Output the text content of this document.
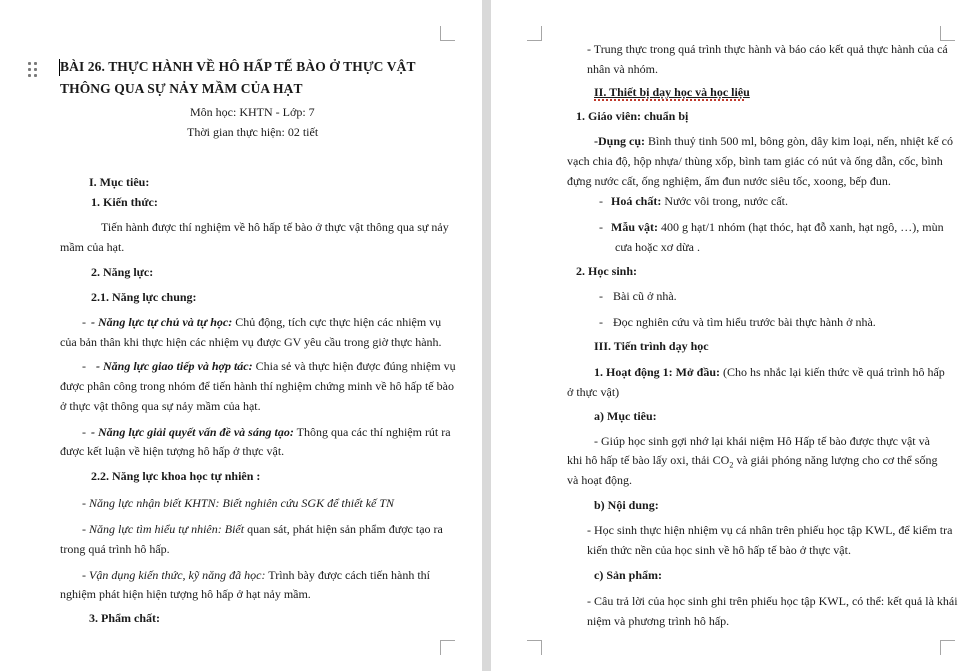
BÀI 26. THỰC HÀNH VỀ HÔ HẤP TẾ BÀO Ở THỰC VẬT
THÔNG QUA SỰ NẢY MẦM CỦA HẠT
Môn học: KHTN - Lớp: 7
Thời gian thực hiện: 02 tiết
I. Mục tiêu:
1. Kiến thức:
Tiến hành được thí nghiệm về hô hấp tế bào ở thực vật thông qua sự nảy
mầm của hạt.
2. Năng lực:
2.1. Năng lực chung:
- - Năng lực tự chủ và tự học: Chủ động, tích cực thực hiện các nhiệm vụ
của bản thân khi thực hiện các nhiệm vụ được GV yêu cầu trong giờ thực hành.
- - Năng lực giao tiếp và hợp tác: Chia sẻ và thực hiện được đúng nhiệm vụ
được phân công trong nhóm để tiến hành thí nghiệm chứng minh về hô hấp tế bào
ở thực vật thông qua sự nảy mầm của hạt.
- - Năng lực giải quyết vấn đề và sáng tạo: Thông qua các thí nghiệm rút ra
được kết luận về hiện tượng hô hấp ở thực vật.
2.2. Năng lực khoa học tự nhiên :
- Năng lực nhận biết KHTN: Biết nghiên cứu SGK để thiết kế TN
- Năng lực tìm hiểu tự nhiên: Biết quan sát, phát hiện sản phẩm được tạo ra
trong quá trình hô hấp.
- Vận dụng kiến thức, kỹ năng đã học: Trình bày được cách tiến hành thí
nghiệm phát hiện hiện tượng hô hấp ở hạt nảy mầm.
3. Phẩm chất:
- Trung thực trong quá trình thực hành và báo cáo kết quả thực hành của cá
nhân và nhóm.
II. Thiết bị dạy học và học liệu
1. Giáo viên: chuẩn bị
-Dụng cụ: Bình thuỷ tinh 500 ml, bông gòn, dây kim loại, nến, nhiệt kế có
vạch chia độ, hộp nhựa/ thùng xốp, bình tam giác có nút và ống dẫn, cốc, bình
đựng nước cất, ống nghiệm, ấm đun nước siêu tốc, xoong, bếp đun.
- Hoá chất: Nước vôi trong, nước cất.
- Mẫu vật: 400 g hạt/1 nhóm (hạt thóc, hạt đỗ xanh, hạt ngô, …), mùn
cưa hoặc xơ dừa .
2. Học sinh:
- Bài cũ ở nhà.
- Đọc nghiên cứu và tìm hiểu trước bài thực hành ở nhà.
III. Tiến trình dạy học
1. Hoạt động 1: Mở đầu: (Cho hs nhắc lại kiến thức về quá trình hô hấp
ở thực vật)
a) Mục tiêu:
- Giúp học sinh gợi nhớ lại khái niệm Hô Hấp tế bào được thực vật và
khi hô hấp tế bào lấy oxi, thải $CO_2$ và giải phóng năng lượng cho cơ thể sống
và hoạt động.
b) Nội dung:
- Học sinh thực hiện nhiệm vụ cá nhân trên phiếu học tập KWL, để kiểm tra
kiến thức nền của học sinh về hô hấp tế bào ở thực vật.
c) Sản phẩm:
- Câu trả lời của học sinh ghi trên phiếu học tập KWL, có thể: kết quả là khái
niệm và phương trình hô hấp.
